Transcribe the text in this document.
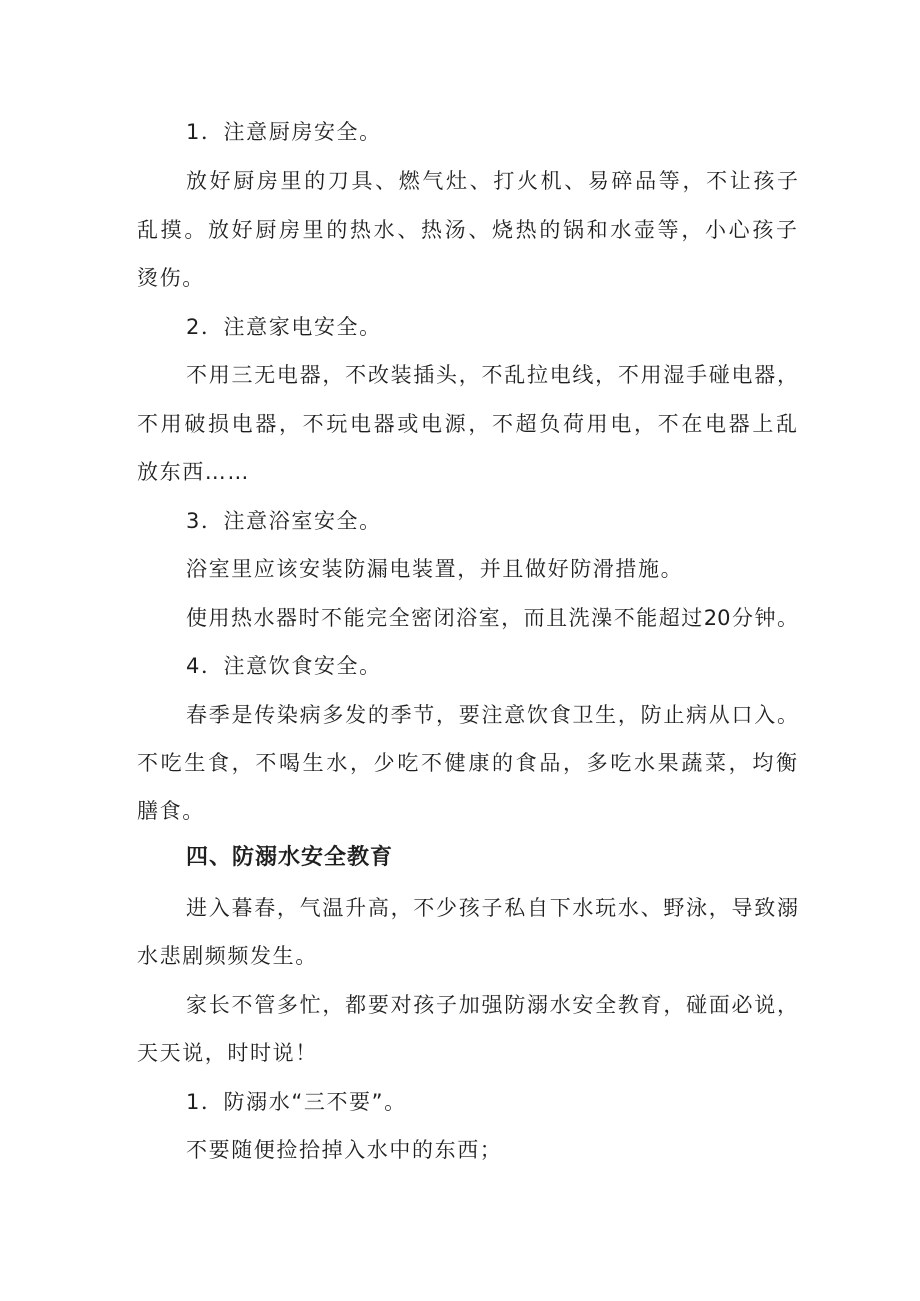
1．注意厨房安全。
放好厨房里的刀具、燃气灶、打火机、易碎品等，不让孩子
乱摸。放好厨房里的热水、热汤、烧热的锅和水壶等，小心孩子
烫伤。
2．注意家电安全。
不用三无电器，不改装插头，不乱拉电线，不用湿手碰电器，
不用破损电器，不玩电器或电源，不超负荷用电，不在电器上乱
放东西……
3．注意浴室安全。
浴室里应该安装防漏电装置，并且做好防滑措施。
使用热水器时不能完全密闭浴室，而且洗澡不能超过20分钟。
4．注意饮食安全。
春季是传染病多发的季节，要注意饮食卫生，防止病从口入。
不吃生食，不喝生水，少吃不健康的食品，多吃水果蔬菜，均衡
膳食。
四、防溺水安全教育
进入暮春，气温升高，不少孩子私自下水玩水、野泳，导致溺
水悲剧频频发生。
家长不管多忙，都要对孩子加强防溺水安全教育，碰面必说，
天天说，时时说！
1．防溺水“三不要”。
不要随便捡拾掉入水中的东西；
